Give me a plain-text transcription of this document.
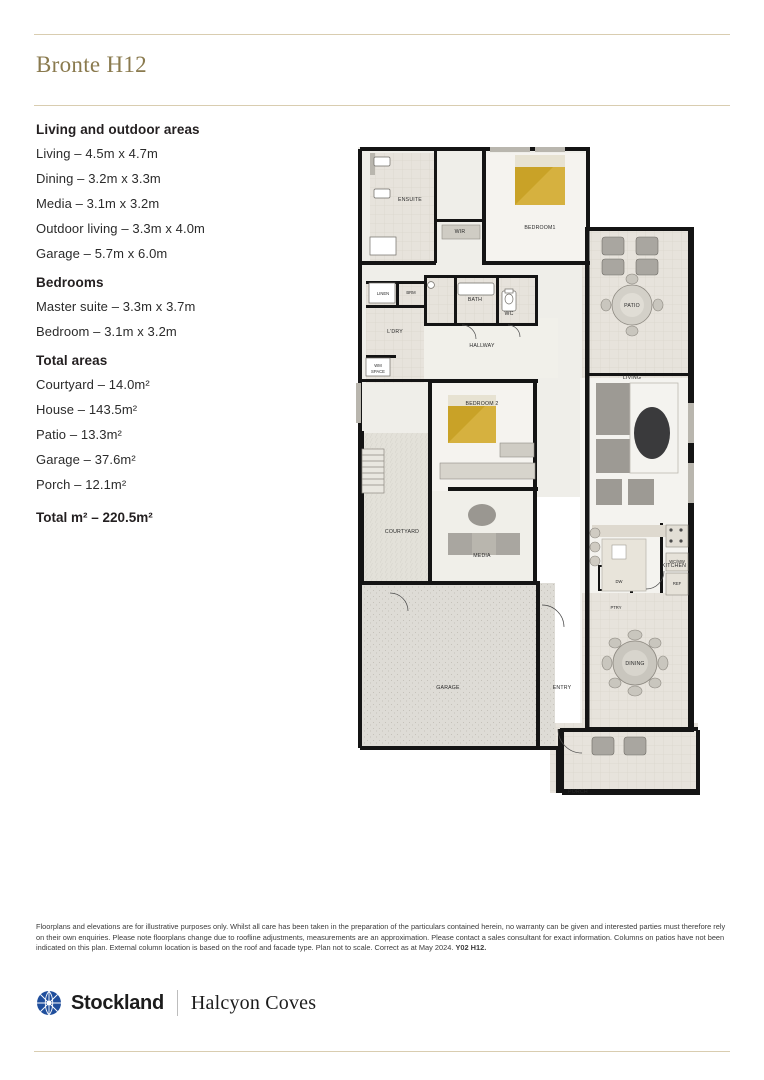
Bronte H12
Living and outdoor areas
Living – 4.5m x 4.7m
Dining – 3.2m x 3.3m
Media – 3.1m x 3.2m
Outdoor living – 3.3m x 4.0m
Garage – 5.7m x 6.0m
Bedrooms
Master suite – 3.3m x 3.7m
Bedroom – 3.1m x 3.2m
Total areas
Courtyard – 14.0m²
House – 143.5m²
Patio – 13.3m²
Garage – 37.6m²
Porch – 12.1m²
Total m² – 220.5m²
ENSUITE
WIR
BEDROOM1
BATH
WC
PATIO
L'DRY
HALLWAY
LIVING
BEDROOM 2
COURTYARD
KITCHEN
MEDIA
GARAGE	ENTRY
DINING
PORCH
LINEN	BRM
WM
SPACE
DW
WC/MW
PTRY
REF
Floorplans and elevations are for illustrative purposes only. Whilst all care has been taken in the preparation of the particulars contained herein, no warranty can be given and interested parties must therefore rely on their own enquiries. Please note floorplans change due to roofline adjustments, measurements are an approximation. Please contact a sales consultant for exact information. Columns on patios have not been indicated on this plan. External column location is based on the roof and facade type. Plan not to scale. Correct as at May 2024. Y02 H12.
Stockland Halcyon Coves
